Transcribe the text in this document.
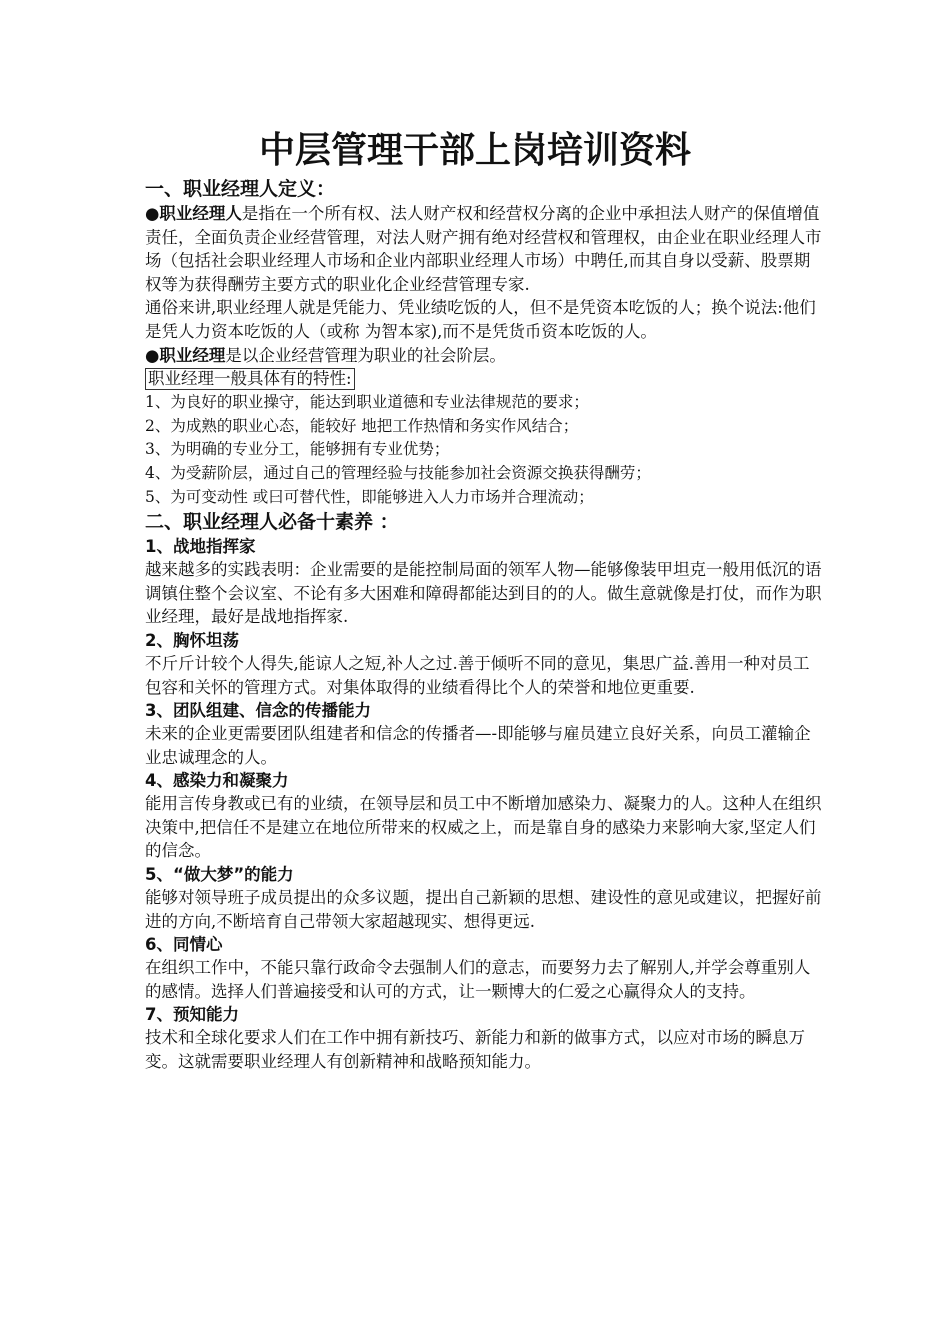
中层管理干部上岗培训资料
一、职业经理人定义：

●职业经理人是指在一个所有权、法人财产权和经营权分离的企业中承担法人财产的保值增值责任，全面负责企业经营管理，对法人财产拥有绝对经营权和管理权，由企业在职业经理人市场（包括社会职业经理人市场和企业内部职业经理人市场）中聘任,而其自身以受薪、股票期权等为获得酬劳主要方式的职业化企业经营管理专家.

通俗来讲,职业经理人就是凭能力、凭业绩吃饭的人，但不是凭资本吃饭的人；换个说法:他们是凭人力资本吃饭的人（或称 为智本家),而不是凭货币资本吃饭的人。

●职业经理是以企业经营管理为职业的社会阶层。

职业经理一般具体有的特性:

1、为良好的职业操守，能达到职业道德和专业法律规范的要求；

2、为成熟的职业心态，能较好 地把工作热情和务实作风结合；

3、为明确的专业分工，能够拥有专业优势；

4、为受薪阶层，通过自己的管理经验与技能参加社会资源交换获得酬劳；

5、为可变动性 或曰可替代性，即能够进入人力市场并合理流动；

二、职业经理人必备十素养 ：
1、战地指挥家

越来越多的实践表明：企业需要的是能控制局面的领军人物—能够像装甲坦克一般用低沉的语调镇住整个会议室、不论有多大困难和障碍都能达到目的的人。做生意就像是打仗，而作为职业经理，最好是战地指挥家.

2、胸怀坦荡

不斤斤计较个人得失,能谅人之短,补人之过.善于倾听不同的意见，集思广益.善用一种对员工包容和关怀的管理方式。对集体取得的业绩看得比个人的荣誉和地位更重要.

3、团队组建、信念的传播能力

未来的企业更需要团队组建者和信念的传播者—-即能够与雇员建立良好关系，向员工灌输企业忠诚理念的人。

4、感染力和凝聚力

能用言传身教或已有的业绩，在领导层和员工中不断增加感染力、凝聚力的人。这种人在组织决策中,把信任不是建立在地位所带来的权威之上，而是靠自身的感染力来影响大家,坚定人们的信念。

5、“做大梦”的能力

能够对领导班子成员提出的众多议题，提出自己新颖的思想、建设性的意见或建议，把握好前进的方向,不断培育自己带领大家超越现实、想得更远.

6、同情心

在组织工作中，不能只靠行政命令去强制人们的意志，而要努力去了解别人,并学会尊重别人的感情。选择人们普遍接受和认可的方式，让一颗博大的仁爱之心赢得众人的支持。

7、预知能力

技术和全球化要求人们在工作中拥有新技巧、新能力和新的做事方式，以应对市场的瞬息万变。这就需要职业经理人有创新精神和战略预知能力。
